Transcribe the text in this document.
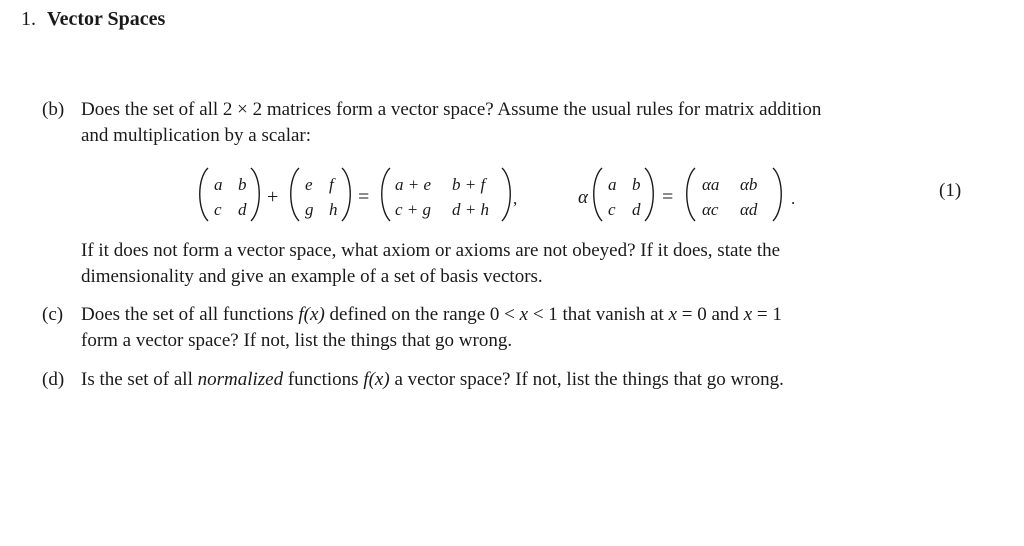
1. Vector Spaces
(b) Does the set of all 2 × 2 matrices form a vector space? Assume the usual rules for matrix addition
and multiplication by a scalar:
a b
c d
+
e f
g h
=
a + e b + f
c + g d + h
,	α
a b
c d
=
αa αb
αc αd
.	(1)
If it does not form a vector space, what axiom or axioms are not obeyed? If it does, state the
dimensionality and give an example of a set of basis vectors.
(c) Does the set of all functions f(x) defined on the range 0 < x < 1 that vanish at x = 0 and x = 1
form a vector space? If not, list the things that go wrong.
(d) Is the set of all normalized functions f(x) a vector space? If not, list the things that go wrong.
